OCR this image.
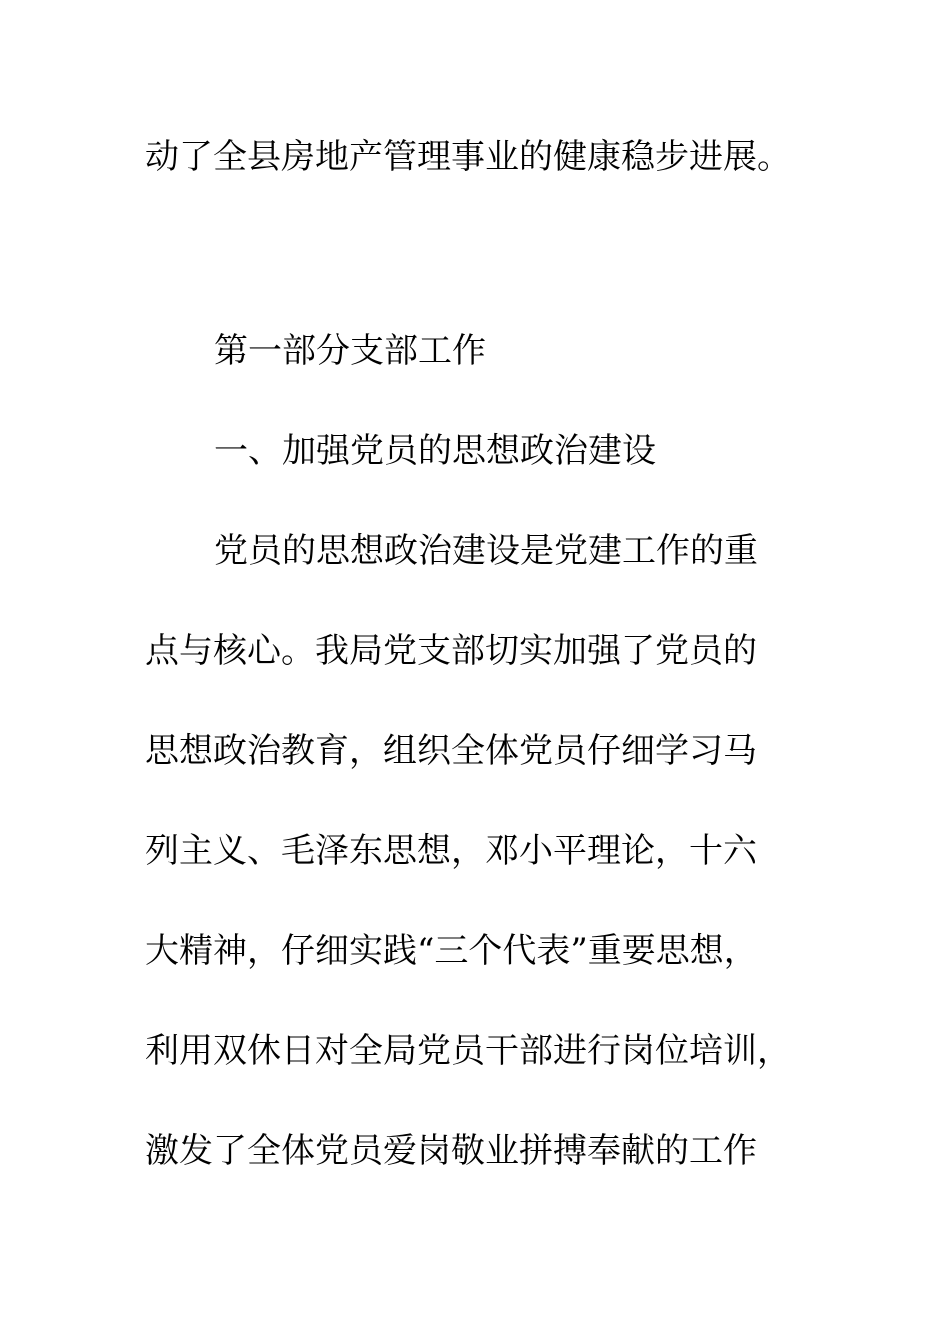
动了全县房地产管理事业的健康稳步进展。
第一部分支部工作
一、加强党员的思想政治建设
党员的思想政治建设是党建工作的重
点与核心。我局党支部切实加强了党员的
思想政治教育，组织全体党员仔细学习马
列主义、毛泽东思想，邓小平理论，十六
大精神，仔细实践“三个代表”重要思想，
利用双休日对全局党员干部进行岗位培训，
激发了全体党员爱岗敬业拼搏奉献的工作
